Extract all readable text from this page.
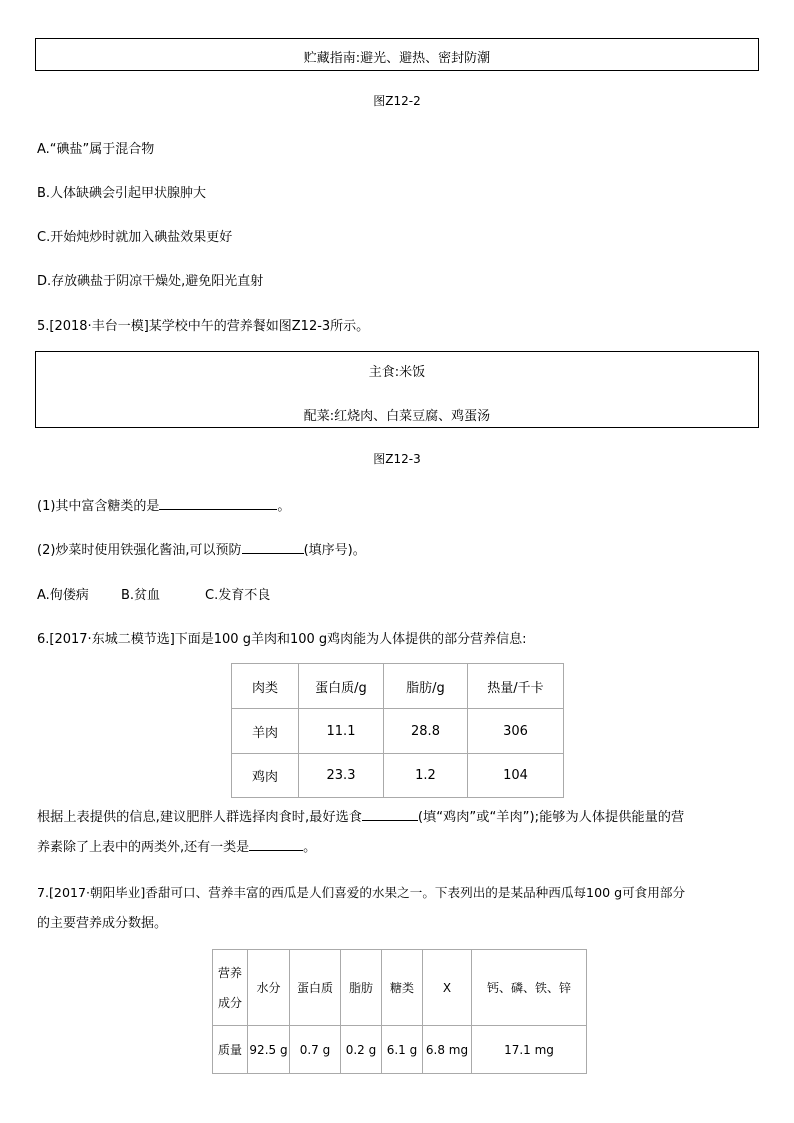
贮藏指南:避光、避热、密封防潮
图Z12-2
A.“碘盐”属于混合物
B.人体缺碘会引起甲状腺肿大
C.开始炖炒时就加入碘盐效果更好
D.存放碘盐于阴凉干燥处,避免阳光直射
5.[2018·丰台一模]某学校中午的营养餐如图Z12-3所示。
主食:米饭
配菜:红烧肉、白菜豆腐、鸡蛋汤
图Z12-3
(1)其中富含糖类的是	。
(2)炒菜时使用铁强化酱油,可以预防	(填序号)。
A.佝偻病 B.贫血	C.发育不良
6.[2017·东城二模节选]下面是100 g羊肉和100 g鸡肉能为人体提供的部分营养信息:
肉类	蛋白质/g	脂肪/g	热量/千卡
羊肉	11.1	28.8	306
鸡肉	23.3	1.2	104
根据上表提供的信息,建议肥胖人群选择肉食时,最好选食	(填“鸡肉”或“羊肉”);能够为人体提供能量的营
养素除了上表中的两类外,还有一类是	。
7.[2017·朝阳毕业]香甜可口、营养丰富的西瓜是人们喜爱的水果之一。下表列出的是某品种西瓜每100 g可食用部分
的主要营养成分数据。
营养
成分	水分	蛋白质	脂肪	糖类	X	钙、磷、铁、锌
质量	92.5 g	0.7 g	0.2 g	6.1 g	6.8 mg	17.1 mg
